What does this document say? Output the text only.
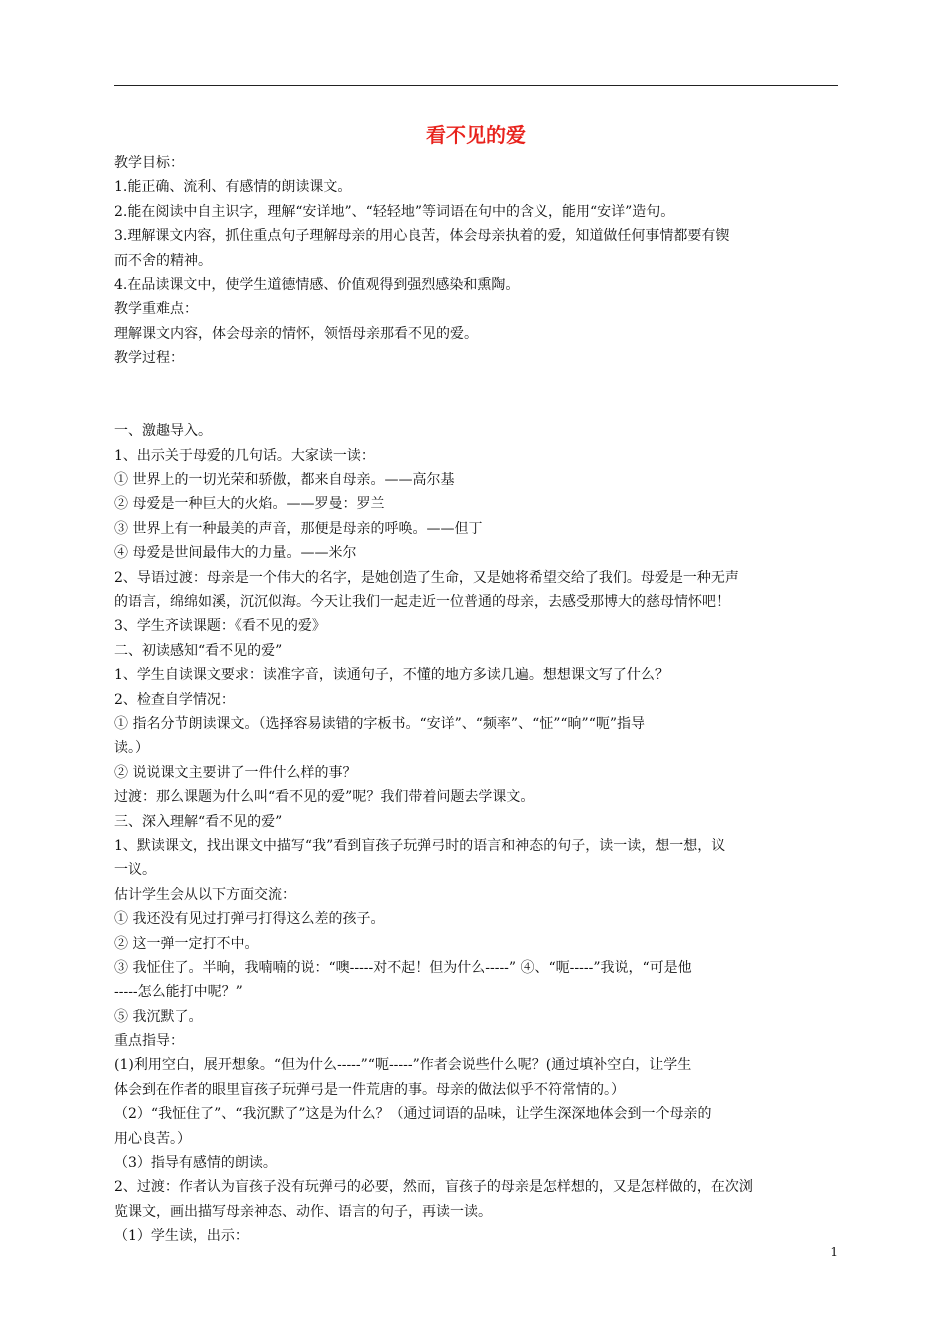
看不见的爱
教学目标：
1.能正确、流利、有感情的朗读课文。
2.能在阅读中自主识字，理解“安详地”、“轻轻地”等词语在句中的含义，能用“安详”造句。
3.理解课文内容，抓住重点句子理解母亲的用心良苦，体会母亲执着的爱，知道做任何事情都要有锲
而不舍的精神。
4.在品读课文中，使学生道德情感、价值观得到强烈感染和熏陶。
教学重难点：
理解课文内容，体会母亲的情怀，领悟母亲那看不见的爱。
教学过程：
一、激趣导入。
1、出示关于母爱的几句话。大家读一读：
① 世界上的一切光荣和骄傲，都来自母亲。——高尔基
② 母爱是一种巨大的火焰。——罗曼：罗兰
③ 世界上有一种最美的声音，那便是母亲的呼唤。——但丁
④ 母爱是世间最伟大的力量。——米尔
2、导语过渡：母亲是一个伟大的名字，是她创造了生命，又是她将希望交给了我们。母爱是一种无声
的语言，绵绵如溪，沉沉似海。今天让我们一起走近一位普通的母亲，去感受那博大的慈母情怀吧！
3、学生齐读课题：《看不见的爱》
二、初读感知“看不见的爱”
1、学生自读课文要求：读准字音，读通句子，不懂的地方多读几遍。想想课文写了什么？
2、检查自学情况：
① 指名分节朗读课文。（选择容易读错的字板书。“安详”、“频率”、“怔”“晌”“呃”指导
读。）
② 说说课文主要讲了一件什么样的事？
过渡：那么课题为什么叫“看不见的爱”呢？我们带着问题去学课文。
三、深入理解“看不见的爱”
1、默读课文，找出课文中描写“我”看到盲孩子玩弹弓时的语言和神态的句子，读一读，想一想，议
一议。
估计学生会从以下方面交流：
① 我还没有见过打弹弓打得这么差的孩子。
② 这一弹一定打不中。
③ 我怔住了。半晌，我喃喃的说：“噢-----对不起！但为什么-----” ④、“呃-----”我说，“可是他
-----怎么能打中呢？”
⑤ 我沉默了。
重点指导：
(1)利用空白，展开想象。“但为什么-----”“呃-----”作者会说些什么呢？(通过填补空白，让学生
体会到在作者的眼里盲孩子玩弹弓是一件荒唐的事。母亲的做法似乎不符常情的。）
（2）“我怔住了”、“我沉默了”这是为什么？（通过词语的品味，让学生深深地体会到一个母亲的
用心良苦。）
（3）指导有感情的朗读。
2、过渡：作者认为盲孩子没有玩弹弓的必要，然而，盲孩子的母亲是怎样想的，又是怎样做的，在次浏
览课文，画出描写母亲神态、动作、语言的句子，再读一读。
（1）学生读，出示：
1
